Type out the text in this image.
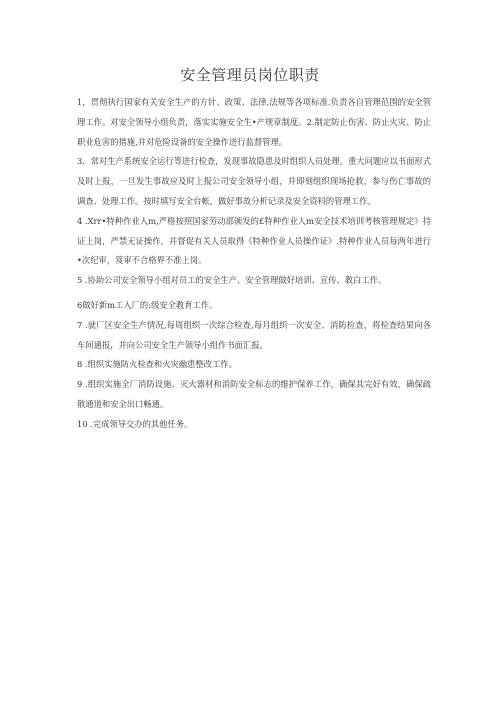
安全管理员岗位职责

1，贯彻执行国家有关安全生产的方针、政策、法律,法规等各项标准.负责各自管理范围的安全管理工作。对安全领导小组负责，落实实施安全生•产规章制度。2.制定防止伤害、防止火灾、防止职业危害的措施,并对危险设备的安全操作进行监督管理。

3．常对生产系统安全运行等进行检查，发现事故隐患及时组织人员处理，重大问题应以书面形式及时上报，一旦发生事故应及时上报公司安全领导小组，并即刻组织现场抢救，参与伤亡事故的调查、处理工作。按时填写安全台帐，做好事故分析记录及安全资料的管理工作。

4 .Xrr•特种作业人m,严格按照国家劳动部颁发的£特种作业人m安全技术培训考核管理规定》持证上岗，严禁无证操作，并督促有关人员取得《特种作业人员操作证》.特种作业人员每两年进行•次纪审，笈审不合格界不准上岗。

5 .协助公司安全领导小组对员工的安全生产、安全管理做好培训、宣传、教白工作。

6做好新m工入厂的:级安全教育工作。

7 .就厂区安全生产情况,每周组织一次综合检查,每月组织一次安全、消防检查，将检查结果向各车间通报，并向公司安全生产领导小组作书面汇报。

8 .组织实施防火检查和火灾幽患整改工作。

9 .组织实施全厂消防设施、灭火器材和消防安全标志的维护保养工作，确保其完好有效，确保疏散通道和安全出口畅通。

10 .完成领导交办的其他任务。
